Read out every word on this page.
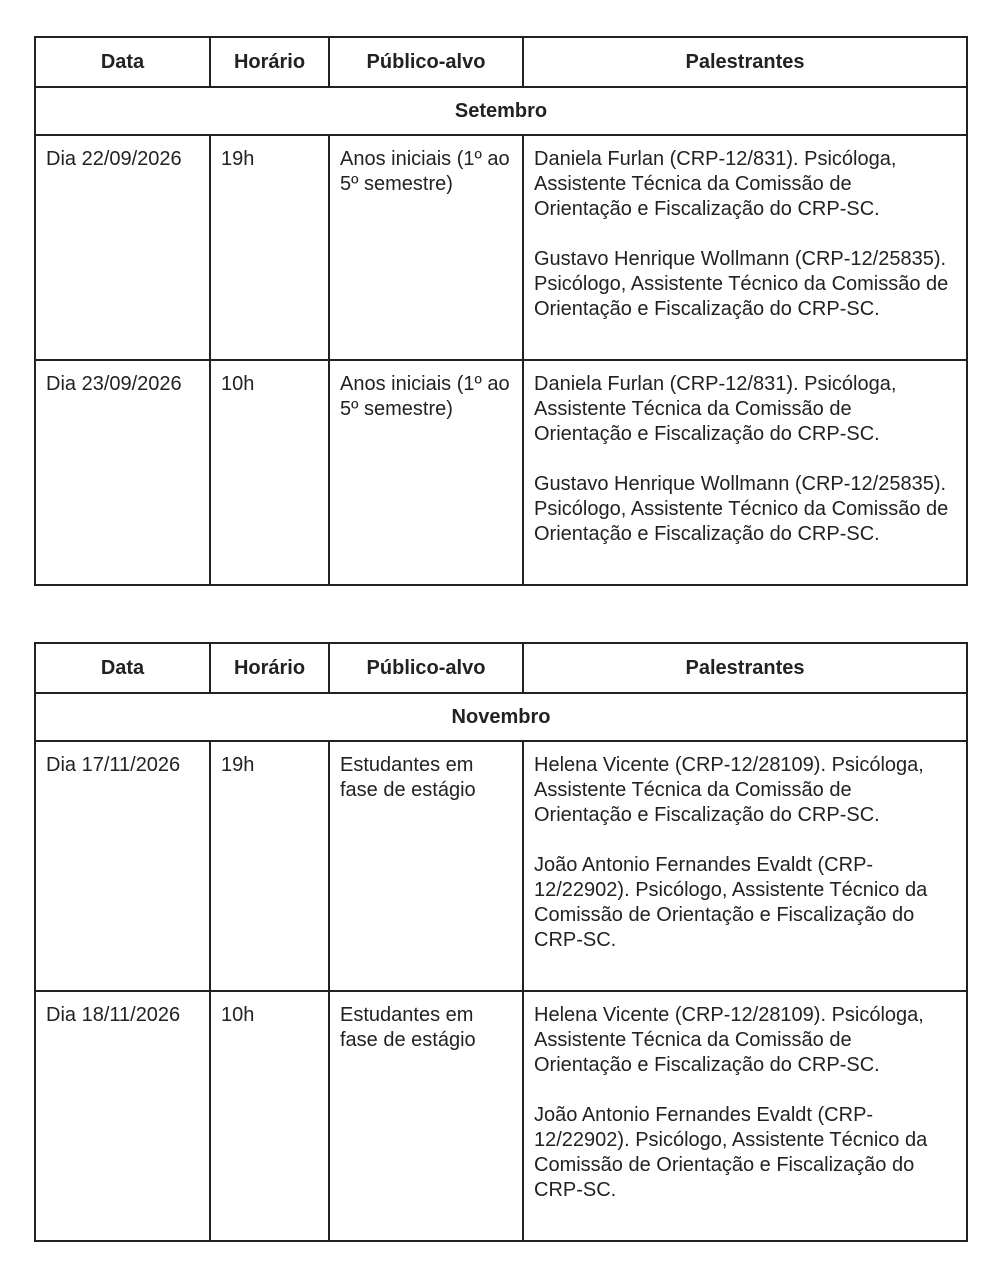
Data	Horário	Público-alvo	Palestrantes
Setembro			
Dia 22/09/2026	19h	Anos iniciais (1º ao 5º semestre)	Daniela Furlan (CRP-12/831). Psicóloga, Assistente Técnica da Comissão de Orientação e Fiscalização do CRP-SC.
Gustavo Henrique Wollmann (CRP-12/25835). Psicólogo, Assistente Técnico da Comissão de Orientação e Fiscalização do CRP-SC.

Dia 23/09/2026	10h	Anos iniciais (1º ao 5º semestre)	Daniela Furlan (CRP-12/831). Psicóloga, Assistente Técnica da Comissão de Orientação e Fiscalização do CRP-SC.
Gustavo Henrique Wollmann (CRP-12/25835). Psicólogo, Assistente Técnico da Comissão de Orientação e Fiscalização do CRP-SC.
Data	Horário	Público-alvo	Palestrantes
Novembro			
Dia 17/11/2026	19h	Estudantes em fase de estágio	Helena Vicente (CRP-12/28109). Psicóloga, Assistente Técnica da Comissão de Orientação e Fiscalização do CRP-SC.
João Antonio Fernandes Evaldt (CRP-12/22902). Psicólogo, Assistente Técnico da Comissão de Orientação e Fiscalização do CRP-SC.

Dia 18/11/2026	10h	Estudantes em fase de estágio	Helena Vicente (CRP-12/28109). Psicóloga, Assistente Técnica da Comissão de Orientação e Fiscalização do CRP-SC.
João Antonio Fernandes Evaldt (CRP-12/22902). Psicólogo, Assistente Técnico da Comissão de Orientação e Fiscalização do CRP-SC.
